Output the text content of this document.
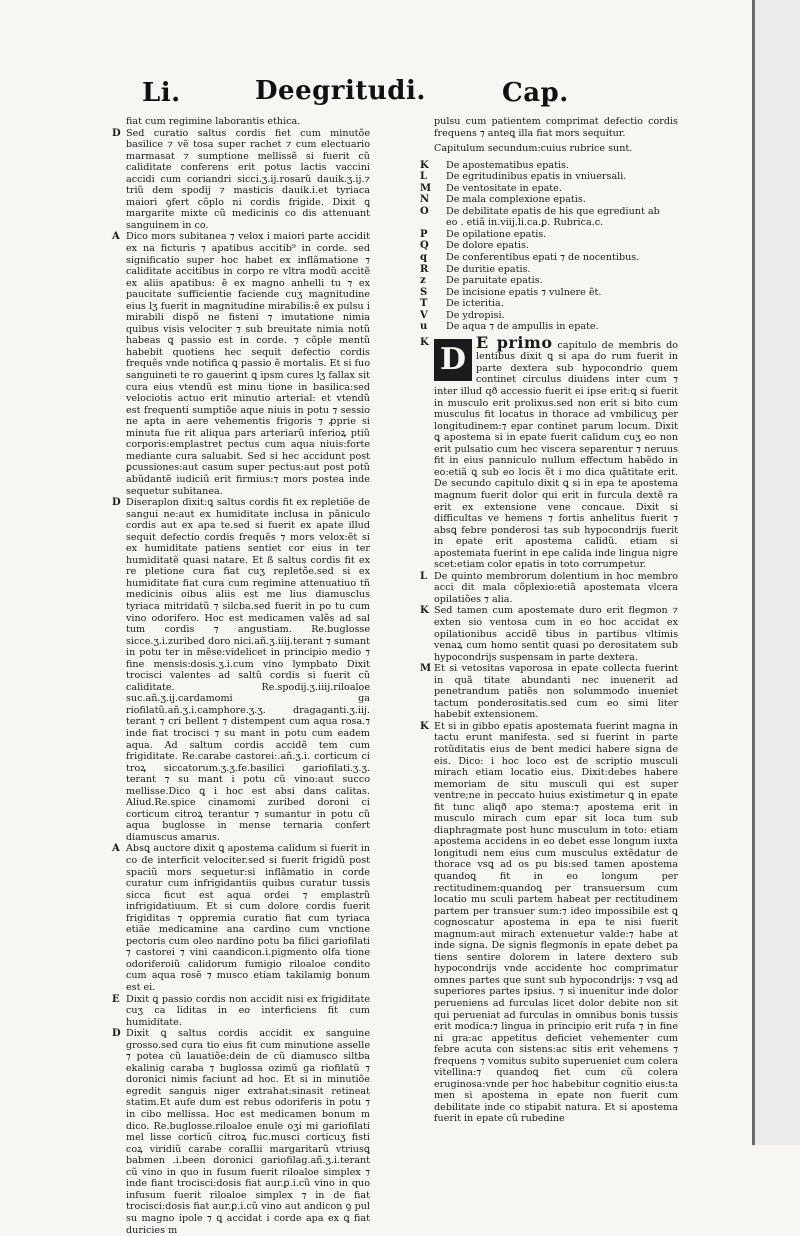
Li.	Deegritudi.	Cap.
fiat cum regimine laborantis ethica.
D Sed curatio saltus cordis fiet cum minutõe basilice ⁊ vẽ tosa super rachet ⁊ cum electuario marmasat ⁊ sumptione mellissẽ si fuerit cũ caliditate conferens erit potus lactis vaccini accidi cum coriandri sicci.ʒ.ij.rosarũ dauik.ʒ.ij.⁊ triũ dem spodij ⁊ masticis dauik.i.et tyriaca maiori ꝯfert cõplo ni cordis frigide. Dixit ꝗ margarite mixte cũ medicinis co dis attenuant sanguinem in co.
A Dico mors subitanea ⁊ velox i maiori parte accidit ex na ficturis ⁊ apatibus accitib⁹ in corde. sed significatio super hoc habet ex inflãmatione ⁊ caliditate accitibus in corpo re vltra modũ accitẽ ex aliis apatibus: ẽ ex magno anhelli tu ⁊ ex paucitate sufficientie faciende cuʒ magnitudine eius lʒ fuerit in magnitudine mirabilis:ẽ ex pulsu i mirabili dispõ ne fisteni ⁊ imutatione nimia quibus visis velociter ⁊ sub breuitate nimia notũ habeas ꝗ passio est in corde. ⁊ cõple mentũ habebit quotiens hec sequit defectio cordis frequẽs vnde notifica ꝗ passio ẽ mortalis. Et si fuo sanguineti te ro gauerint ꝗ ipsm cures lʒ fallax sit cura eius vtendũ est minu tione in basilica:sed velociotis actuo erit minutio arterial: et vtendũ est frequenti sumptiõe aque niuis in potu ⁊ sessio ne apta in aere vehementis frigoris ⁊ ꝓprie si minuta fue rit aliqua pars arteriarũ inferioꝝ ptiũ corporis:emplastret pectus cum aqua niuis:forte mediante cura saluabit. Sed si hec accidunt post ꝑcussiones:aut casum super pectus:aut post potũ abũdantẽ iudiciũ erit firmius:⁊ mors postea inde sequetur subitanea.
D Diseraplon dixit:ꝗ saltus cordis fit ex repletiõe de sangui ne:aut ex humiditate inclusa in pãniculo cordis aut ex apa te.sed si fuerit ex apate illud sequit defectio cordis frequẽs ⁊ mors velox:ẽt si ex humiditate patiens sentiet cor eius in ter humiditatẽ quasi natare. Et ß saltus cordis fit ex re pletione cura fiat cuʒ repletõe.sed si ex humiditate fiat cura cum regimine attenuatiuo tñ medicinis oibus aliis est me lius diamusclus tyriaca mitridatũ ⁊ silcba.sed fuerit in po tu cum vino odorifero. Hoc est medicamen valẽs ad sal tum cordis ⁊ angustiam. Re.buglosse sicce.ʒ.i.zuribed doro nici.añ.ʒ.iiij.terant ⁊ sumant in potu ter in mẽse:videlicet in principio medio ⁊ fine mensis:dosis.ʒ.i.cum vino lympbato Dixit trocisci valentes ad saltũ cordis si fuerit cũ caliditate. Re.spodij.ʒ.iiij.riloaloe suc.añ.ʒ.ij.cardamomi ga riofilatũ.añ.ʒ.i.camphore.ʒ.ʒ. dragaganti.ʒ.iij. terant ⁊ cri bellent ⁊ distempent cum aqua rosa.⁊ inde fiat trocisci ⁊ su mant in potu cum eadem aqua. Ad saltum cordis accidẽ tem cum frigiditate. Re.carabe castoreiː.añ.ʒ.i. corticum ci troꝝ siccatorum.ʒ.ʒ.fe.basilici gariofilati.ʒ.ʒ. terant ⁊ su mant i potu cũ vino:aut succo mellisse.Dico ꝗ i hoc est absi dans calitas. Aliud.Re.spice cinamomi zuribed doroni ci corticum citroꝝ terantur ⁊ sumantur in potu cũ aqua buglosse in mense ternaria confert diamuscus amarus.
A Absꝗ auctore dixit ꝗ apostema calidum si fuerit in co de interficit velociter.sed si fuerit frigidũ post spaciũ mors sequetur:si inflãmatio in corde curatur cum infrigidantiis quibus curatur tussis sicca ficut est aqua ordei ⁊ emplastrũ infrigidatiuum. Et si cum dolore cordis fuerit frigiditas ⁊ oppremia curatio fiat cum tyriaca etiãe medicamine ana cardino cum vnctione pectoris cum oleo nardino potu ba filici gariofilati ⁊ castorei ⁊ vini caandicon.i.pigmento olfa tione odoriferoiũ calidorum fumigio riloaloe condito cum aqua rosẽ ⁊ musco etiam takilamig bonum est ei.
E Dixit ꝗ passio cordis non accidit nisi ex frigiditate cuʒ ca liditas in eo interficiens fit cum humiditate.
D Dixit ꝗ saltus cordis accidit ex sanguine grosso.sed cura tio eius fit cum minutione asselle ⁊ potea cũ lauatiõe:dein de cũ diamusco siltba ekalinig caraba ⁊ buglossa ozimũ ga riofilatũ ⁊ doronici nimis faciunt ad hoc. Et si in minutiõe egredit sanguis niger extrahat:sinasit retineat statim.Et aufe dum est rebus odoriferis in potu ⁊ in cibo mellissa. Hoc est medicamen bonum m dico. Re.buglosse.riloaloe enule oʒi mi gariofilati mel lisse corticũ citroꝝ fuc.musci corticuʒ fisti coꝝ viridiũ carabe corallii margaritarũ vtriusꝗ babmen .i.been doronici gariofilag.añ.ʒ.i.terant cũ vino in quo in fusum fuerit riloaloe simplex ⁊ inde fiant trocisci:dosis fiat aur.ꝑ.i.cũ vino in quo infusum fuerit riloaloe simplex ⁊ in de fiat trocisci:dosis fiat aur.ꝑ.i.cũ vino aut andicon ꝯ pul su magno ipole ⁊ ꝗ accidat i corde apa ex ꝗ fiat duricies m
pulsu cum patientem comprimat defectio cordis frequens ⁊ anteꝗ illa fiat mors sequitur.
Capitulum secundum:cuius rubrice sunt.
K	De apostematibus epatis.
L	De egritudinibus epatis in vniuersali.
M	De ventositate in epate.
N	De mala complexione epatis.
O	De debilitate epatis de his que egrediunt ab eo . etiã in.viij.li.ca.ꝑ. Rubrica.c.
P	De opilatione epatis.
Q	De dolore epatis.
q	De conferentibus epati ⁊ de nocentibus.
R	De duritie epatis.
z	De paruitate epatis.
S	De incisione epatis ⁊ vulnere ẽt.
T	De icteritia.
V	De ydropisi.
u	De aqua ⁊ de ampullis in epate.
K D E primo capitulo de membris do lentibus dixit ꝗ si apa do rum fuerit in parte dextera sub hypocondrio quem continet circulus diuidens inter cum ⁊ inter illud qð accessio fuerit ei ipse erit:ꝗ si fuerit in musculo erit prolixus.sed non erit si bito cum musculus fit locatus in thorace ad vmbilicuʒ per longitudinem:⁊ epar continet parum locum. Dixit ꝗ apostema si in epate fuerit calidum cuʒ eo non erit pulsatio cum hec viscera separentur ⁊ neruus fit in eius panniculo nullum effectum habẽdo in eo:etiã ꝗ sub eo locis ẽt i mo dica quãtitate erit. De secundo capitulo dixit ꝗ si in epa te apostema magnum fuerit dolor qui erit in furcula dextẽ ra erit ex extensione vene concaue. Dixit si difficultas ve hemens ⁊ fortis anhelitus fuerit ⁊ absꝗ febre ponderosi tas sub hypocondrijs fuerit in epate erit apostema calidũ. etiam si apostemata fuerint in epe calida inde lingua nigre scet:etiam color epatis in toto corrumpetur.
L De quinto membrorum dolentium in hoc membro acci dit mala cõplexio:etiã apostemata vlcera opilatiões ⁊ alia.
K Sed tamen cum apostemate duro erit flegmon ⁊ exten sio ventosa cum in eo hoc accidat ex opilationibus accidẽ tibus in partibus vltimis venaꝝ cum homo sentit quasi po derositatem sub hypocondrijs suspensam in parte dextera.
M Et si vetositas vaporosa in epate collecta fuerint in quã titate abundanti nec inuenerit ad penetrandum patiẽs non solummodo inueniet tactum ponderositatis.sed cum eo simi liter habebit extensionem.
K Et si in gibbo epatis apostemata fuerint magna in tactu erunt manifesta. sed si fuerint in parte rotũditatis eius de bent medici habere signa de eis. Dico: i hoc loco est de scriptio musculi mirach etiam locatio eius. Dixit:debes habere memoriam de situ musculi qui est super ventre;ne in peccato huius existimetur ꝗ in epate fit tunc aliqð apo stema:⁊ apostema erit in musculo mirach cum epar sit loca tum sub diaphragmate post hunc musculum in toto: etiam apostema accidens in eo debet esse longum iuxta longitudi nem eius cum musculus extẽdatur de thorace vsꝗ ad os pu bis:sed tamen apostema quandoꝗ fit in eo longum per rectitudinem:quandoꝗ per transuersum cum locatio mu sculi partem habeat per rectitudinem partem per transuer sum:⁊ ideo impossibile est ꝗ cognoscatur apostema in epa te nisi fuerit magnum:aut mirach extenuetur valde:⁊ habe at inde signa. De signis flegmonis in epate debet pa tiens sentire dolorem in latere dextero sub hypocondrijs vnde accidente hoc comprimatur omnes partes que sunt sub hypocondrijs: ⁊ vsꝗ ad superiores partes ipsius. ⁊ si inuenitur inde dolor perueniens ad furculas licet dolor debite non sit qui perueniat ad furculas in omnibus bonis tussis erit modica:⁊ lingua in principio erit rufa ⁊ in fine ni gra:ac appetitus deficiet vehementer cum febre acuta con sistens:ac sitis erit vehemens ⁊ frequens ⁊ vomitus subito superueniet cum colera vitellina:⁊ quandoꝗ fiet cum cũ colera eruginosa:vnde per hoc habebitur cognitio eius:ta men si apostema in epate non fuerit cum debilitate inde co stipabit natura. Et si apostema fuerit in epate cũ rubedine
